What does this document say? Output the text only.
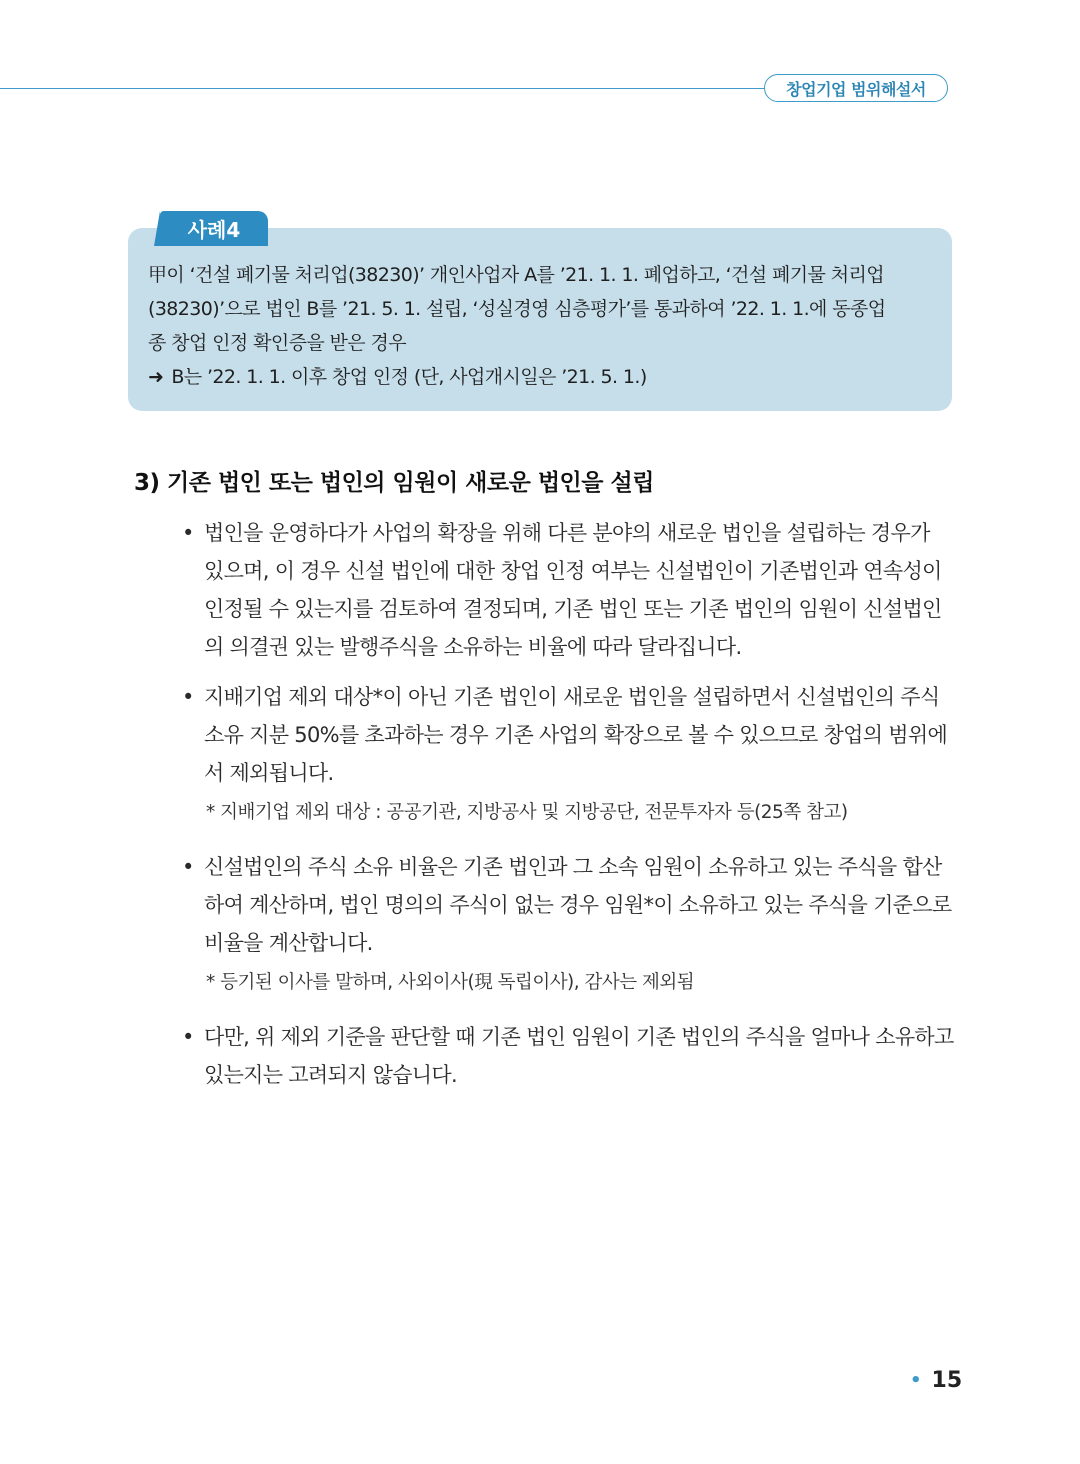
창업기업 범위해설서
甲이 ‘건설 폐기물 처리업(38230)’ 개인사업자 A를 ’21. 1. 1. 폐업하고, ‘건설 폐기물 처리업
(38230)’으로 법인 B를 ’21. 5. 1. 설립, ‘성실경영 심층평가’를 통과하여 ’22. 1. 1.에 동종업
종 창업 인정 확인증을 받은 경우
➜ B는 ’22. 1. 1. 이후 창업 인정 (단, 사업개시일은 ’21. 5. 1.)
사례4
3) 기존 법인 또는 법인의 임원이 새로운 법인을 설립
• 법인을 운영하다가 사업의 확장을 위해 다른 분야의 새로운 법인을 설립하는 경우가 있으며, 이 경우 신설 법인에 대한 창업 인정 여부는 신설법인이 기존법인과 연속성이 인정될 수 있는지를 검토하여 결정되며, 기존 법인 또는 기존 법인의 임원이 신설법인의 의결권 있는 발행주식을 소유하는 비율에 따라 달라집니다.
• 지배기업 제외 대상*이 아닌 기존 법인이 새로운 법인을 설립하면서 신설법인의 주식 소유 지분 50%를 초과하는 경우 기존 사업의 확장으로 볼 수 있으므로 창업의 범위에서 제외됩니다.
* 지배기업 제외 대상 : 공공기관, 지방공사 및 지방공단, 전문투자자 등(25쪽 참고)
• 신설법인의 주식 소유 비율은 기존 법인과 그 소속 임원이 소유하고 있는 주식을 합산하여 계산하며, 법인 명의의 주식이 없는 경우 임원*이 소유하고 있는 주식을 기준으로 비율을 계산합니다.
* 등기된 이사를 말하며, 사외이사(現 독립이사), 감사는 제외됨
• 다만, 위 제외 기준을 판단할 때 기존 법인 임원이 기존 법인의 주식을 얼마나 소유하고 있는지는 고려되지 않습니다.
• 15
